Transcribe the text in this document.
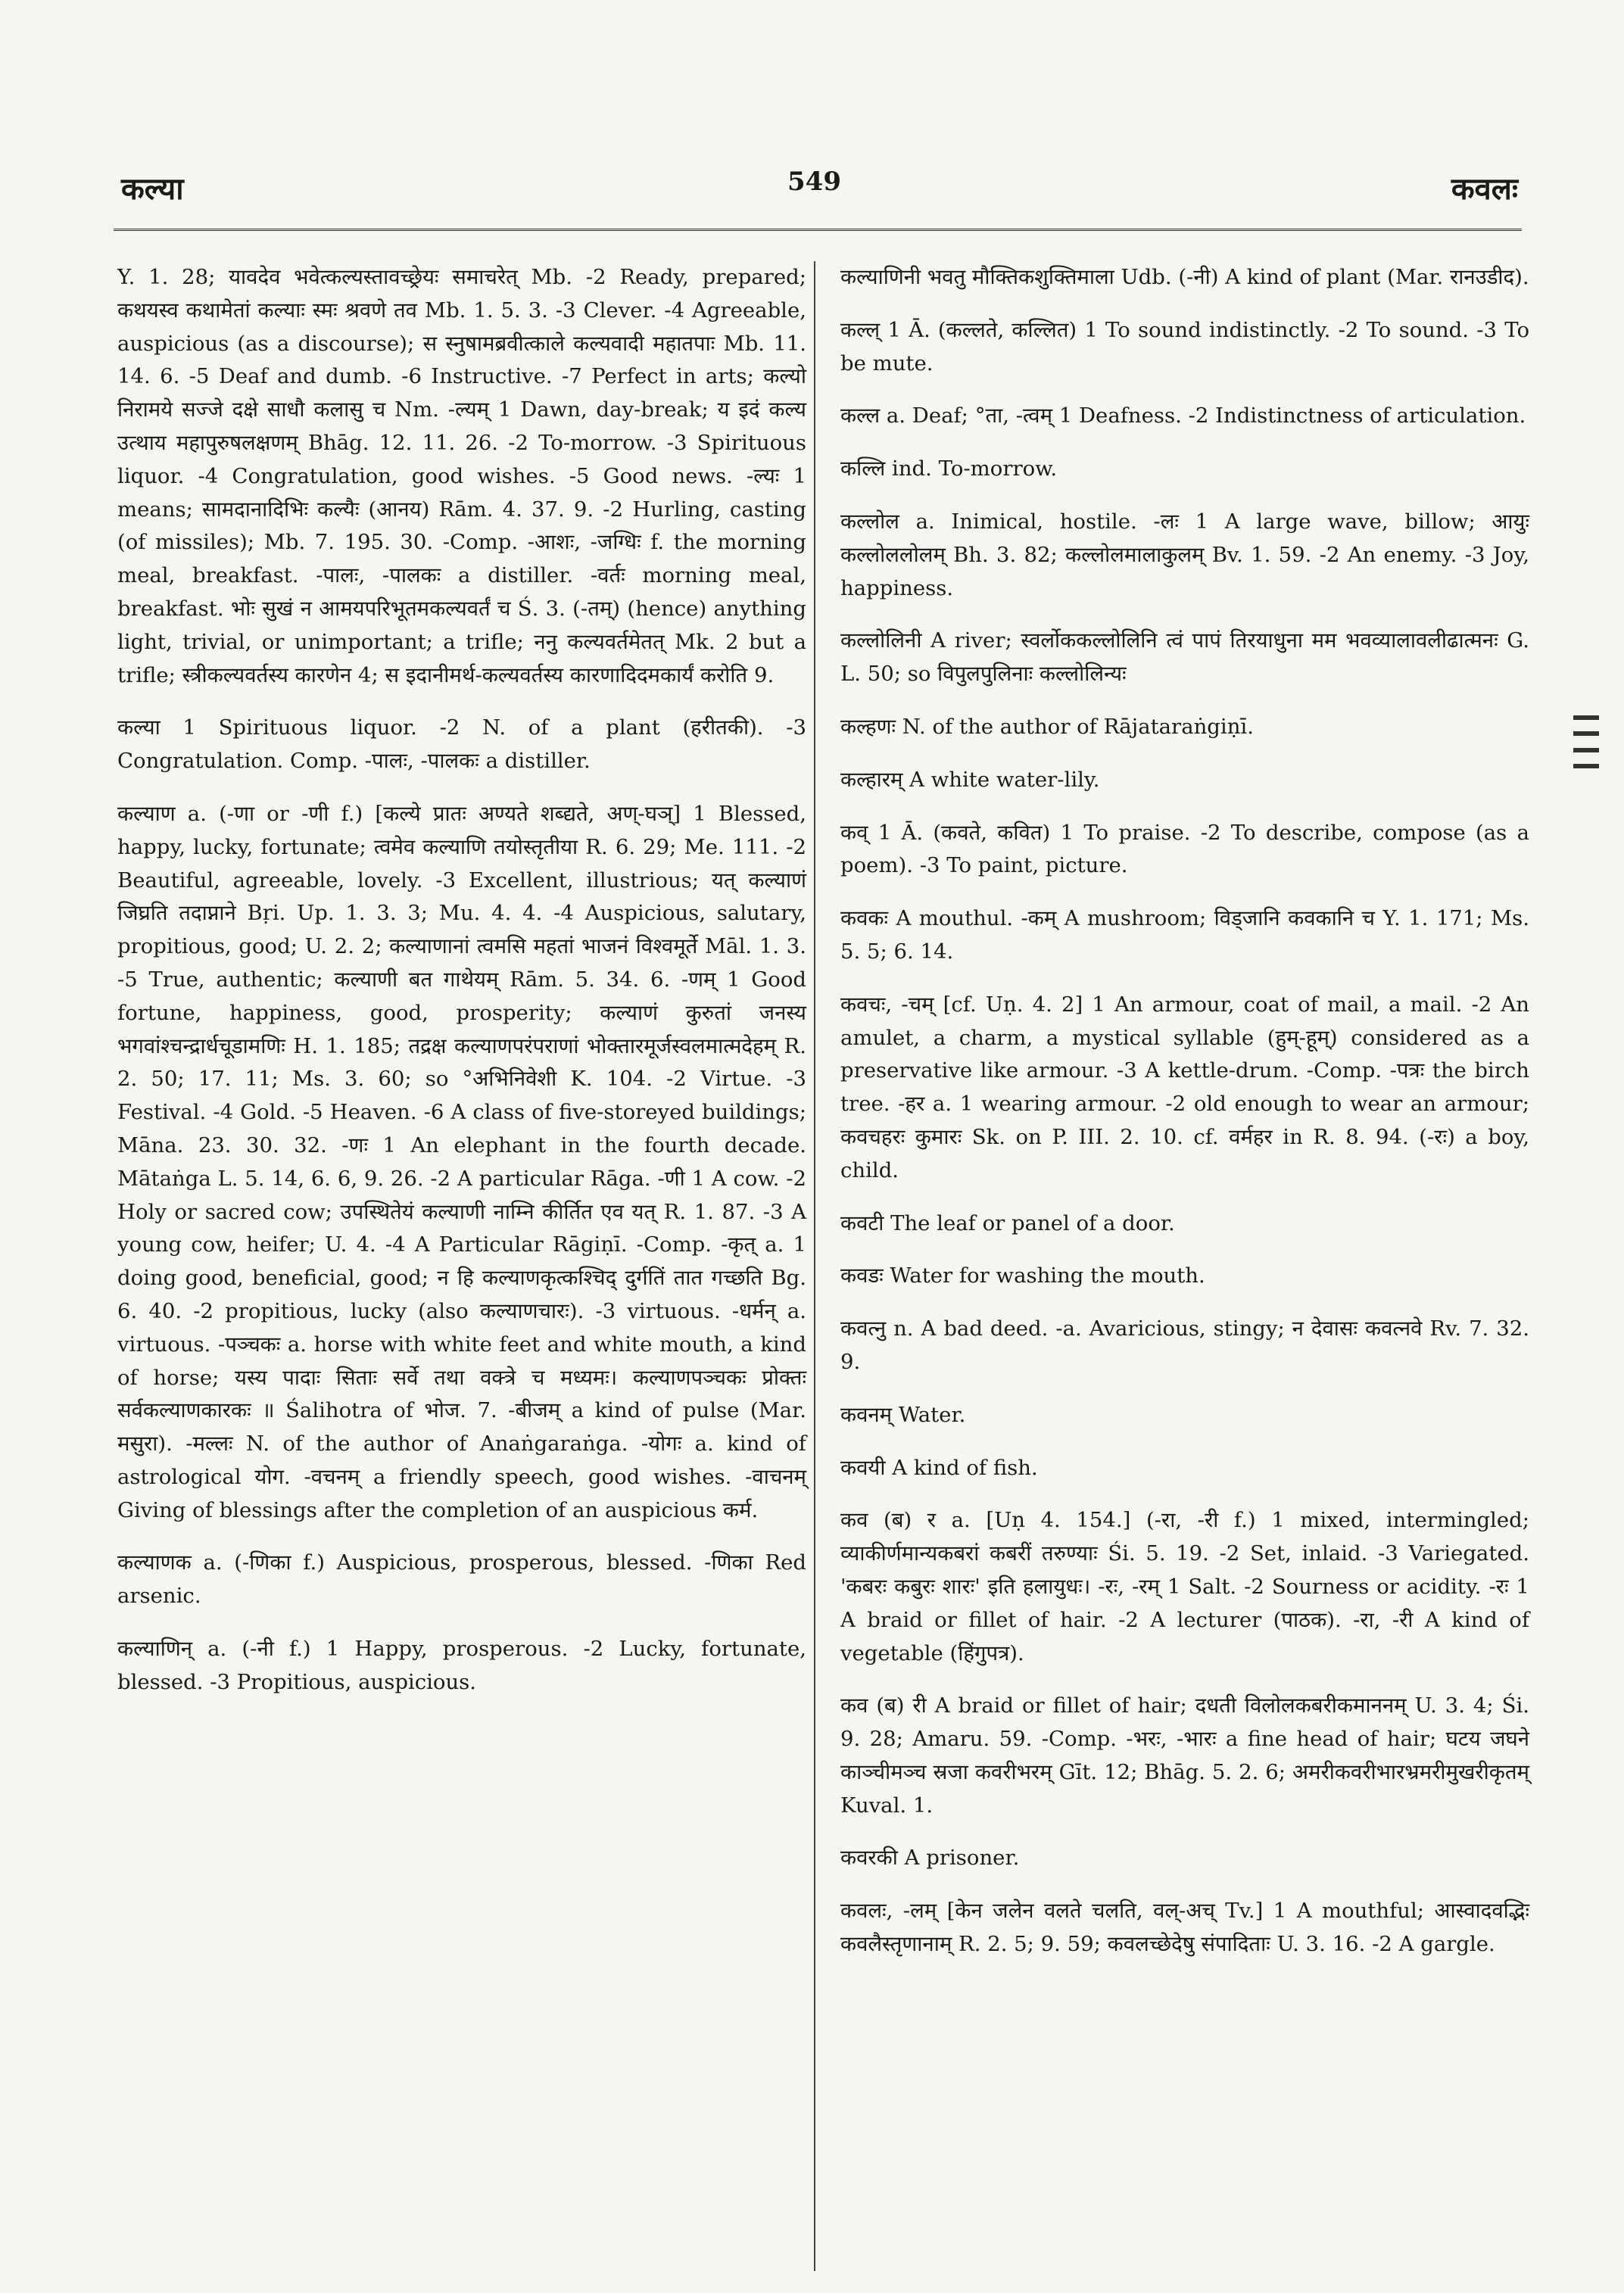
कल्या	549	कवलः

Y. 1. 28; यावदेव भवेत्कल्यस्तावच्छ्रेयः समाचरेत् Mb. -2 Ready, prepared; कथयस्व कथामेतां कल्याः स्मः श्रवणे तव Mb. 1. 5. 3. -3 Clever. -4 Agreeable, auspicious (as a discourse); स स्नुषामब्रवीत्काले कल्यवादी महातपाः Mb. 11. 14. 6. -5 Deaf and dumb. -6 Instructive. -7 Perfect in arts; कल्यो निरामये सज्जे दक्षे साधौ कलासु च Nm. -ल्यम् 1 Dawn, day-break; य इदं कल्य उत्थाय महापुरुषलक्षणम् Bhāg. 12. 11. 26. -2 To-morrow. -3 Spirituous liquor. -4 Congratulation, good wishes. -5 Good news. -ल्यः 1 means; सामदानादिभिः कल्यैः (आनय) Rām. 4. 37. 9. -2 Hurling, casting (of missiles); Mb. 7. 195. 30. -Comp. -आशः, -जग्धिः f. the morning meal, breakfast. -पालः, -पालकः a distiller. -वर्तः morning meal, breakfast. भोः सुखं न आमयपरिभूतमकल्यवर्तं च Ś. 3. (-तम्) (hence) anything light, trivial, or unimportant; a trifle; ननु कल्यवर्तमेतत् Mk. 2 but a trifle; स्त्रीकल्यवर्तस्य कारणेन 4; स इदानीमर्थ-कल्यवर्तस्य कारणादिदमकार्यं करोति 9.

कल्या 1 Spirituous liquor. -2 N. of a plant (हरीतकी). -3 Congratulation. Comp. -पालः, -पालकः a distiller.

कल्याण a. (-णा or -णी f.) [कल्ये प्रातः अण्यते शब्द्यते, अण्-घञ्] 1 Blessed, happy, lucky, fortunate; त्वमेव कल्याणि तयोस्तृतीया R. 6. 29; Me. 111. -2 Beautiful, agreeable, lovely. -3 Excellent, illustrious; यत् कल्याणं जिघ्रति तदाप्नाने Bṛi. Up. 1. 3. 3; Mu. 4. 4. -4 Auspicious, salutary, propitious, good; U. 2. 2; कल्याणानां त्वमसि महतां भाजनं विश्वमूर्ते Māl. 1. 3. -5 True, authentic; कल्याणी बत गाथेयम् Rām. 5. 34. 6. -णम् 1 Good fortune, happiness, good, prosperity; कल्याणं कुरुतां जनस्य भगवांश्चन्द्रार्धचूडामणिः H. 1. 185; तद्रक्ष कल्याणपरंपराणां भोक्तारमूर्जस्वलमात्मदेहम् R. 2. 50; 17. 11; Ms. 3. 60; so °अभिनिवेशी K. 104. -2 Virtue. -3 Festival. -4 Gold. -5 Heaven. -6 A class of five-storeyed buildings; Māna. 23. 30. 32. -णः 1 An elephant in the fourth decade. Mātaṅga L. 5. 14, 6. 6, 9. 26. -2 A particular Rāga. -णी 1 A cow. -2 Holy or sacred cow; उपस्थितेयं कल्याणी नाम्नि कीर्तित एव यत् R. 1. 87. -3 A young cow, heifer; U. 4. -4 A Particular Rāgiṇī. -Comp. -कृत् a. 1 doing good, beneficial, good; न हि कल्याणकृत्कश्चिद् दुर्गतिं तात गच्छति Bg. 6. 40. -2 propitious, lucky (also कल्याणचारः). -3 virtuous. -धर्मन् a. virtuous. -पञ्चकः a. horse with white feet and white mouth, a kind of horse; यस्य पादाः सिताः सर्वे तथा वक्त्रे च मध्यमः। कल्याणपञ्चकः प्रोक्तः सर्वकल्याणकारकः ॥ Śalihotra of भोज. 7. -बीजम् a kind of pulse (Mar. मसुरा). -मल्लः N. of the author of Anaṅgaraṅga. -योगः a. kind of astrological योग. -वचनम् a friendly speech, good wishes. -वाचनम् Giving of blessings after the completion of an auspicious कर्म.

कल्याणक a. (-णिका f.) Auspicious, prosperous, blessed. -णिका Red arsenic.

कल्याणिन् a. (-नी f.) 1 Happy, prosperous. -2 Lucky, fortunate, blessed. -3 Propitious, auspicious.

कल्याणिनी भवतु मौक्तिकशुक्तिमाला Udb. (-नी) A kind of plant (Mar. रानउडीद).

कल्ल् 1 Ā. (कल्लते, कल्लित) 1 To sound indistinctly. -2 To sound. -3 To be mute.

कल्ल a. Deaf; °ता, -त्वम् 1 Deafness. -2 Indistinctness of articulation.

कल्लि ind. To-morrow.

कल्लोल a. Inimical, hostile. -लः 1 A large wave, billow; आयुः कल्लोललोलम् Bh. 3. 82; कल्लोलमालाकुलम् Bv. 1. 59. -2 An enemy. -3 Joy, happiness.

कल्लोलिनी A river; स्वर्लोककल्लोलिनि त्वं पापं तिरयाधुना मम भवव्यालावलीढात्मनः G. L. 50; so विपुलपुलिनाः कल्लोलिन्यः

कल्हणः N. of the author of Rājataraṅgiṇī.

कल्हारम् A white water-lily.

कव् 1 Ā. (कवते, कवित) 1 To praise. -2 To describe, compose (as a poem). -3 To paint, picture.

कवकः A mouthul. -कम् A mushroom; विड्जानि कवकानि च Y. 1. 171; Ms. 5. 5; 6. 14.

कवचः, -चम् [cf. Uṇ. 4. 2] 1 An armour, coat of mail, a mail. -2 An amulet, a charm, a mystical syllable (हुम्-हूम्) considered as a preservative like armour. -3 A kettle-drum. -Comp. -पत्रः the birch tree. -हर a. 1 wearing armour. -2 old enough to wear an armour; कवचहरः कुमारः Sk. on P. III. 2. 10. cf. वर्महर in R. 8. 94. (-रः) a boy, child.

कवटी The leaf or panel of a door.

कवडः Water for washing the mouth.

कवत्नु n. A bad deed. -a. Avaricious, stingy; न देवासः कवत्नवे Rv. 7. 32. 9.

कवनम् Water.

कवयी A kind of fish.

कव (ब) र a. [Uṇ 4. 154.] (-रा, -री f.) 1 mixed, intermingled; व्याकीर्णमान्यकबरां कबरीं तरुण्याः Śi. 5. 19. -2 Set, inlaid. -3 Variegated. 'कबरः कबुरः शारः' इति हलायुधः। -रः, -रम् 1 Salt. -2 Sourness or acidity. -रः 1 A braid or fillet of hair. -2 A lecturer (पाठक). -रा, -री A kind of vegetable (हिंगुपत्र).

कव (ब) री A braid or fillet of hair; दधती विलोलकबरीकमाननम् U. 3. 4; Śi. 9. 28; Amaru. 59. -Comp. -भरः, -भारः a fine head of hair; घटय जघने काञ्चीमञ्च स्रजा कवरीभरम् Gīt. 12; Bhāg. 5. 2. 6; अमरीकवरीभारभ्रमरीमुखरीकृतम् Kuval. 1.

कवरकी A prisoner.

कवलः, -लम् [केन जलेन वलते चलति, वल्-अच् Tv.] 1 A mouthful; आस्वादवद्भिः कवलैस्तृणानाम् R. 2. 5; 9. 59; कवलच्छेदेषु संपादिताः U. 3. 16. -2 A gargle.
